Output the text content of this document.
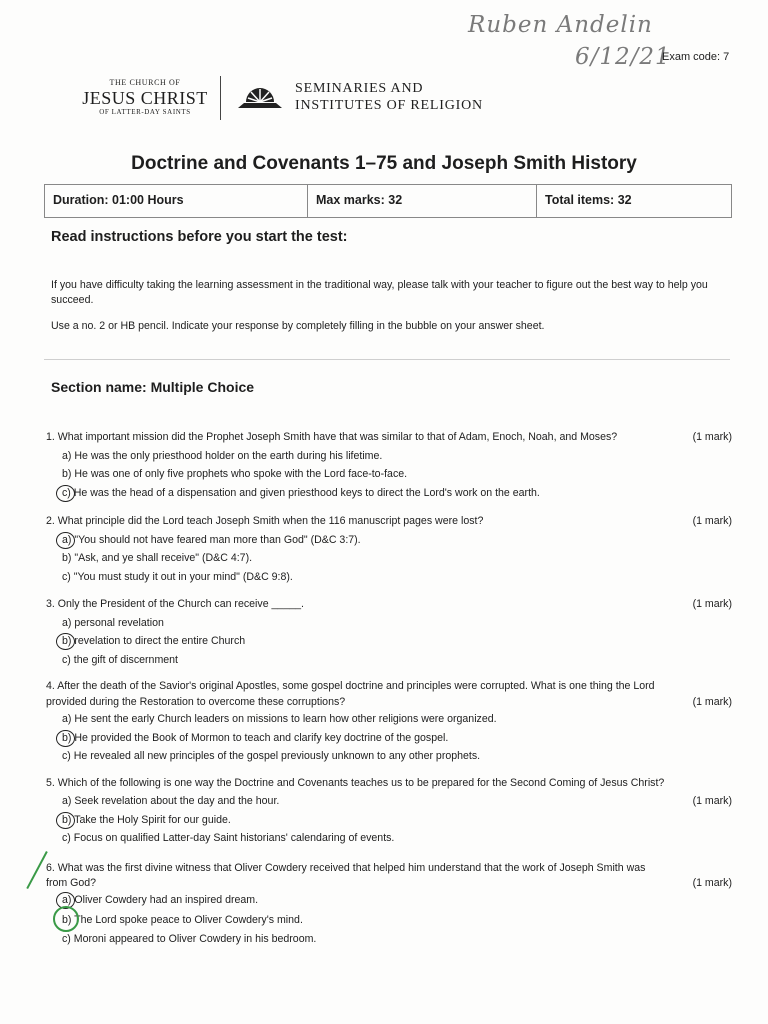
Ruben Andelin
6/12/21
Exam code: 7
THE CHURCH OF
JESUS CHRIST
OF LATTER-DAY SAINTS
SEMINARIES AND
INSTITUTES OF RELIGION
Doctrine and Covenants 1–75 and Joseph Smith History
Duration: 01:00 Hours	Max marks: 32	Total items: 32
Read instructions before you start the test:
If you have difficulty taking the learning assessment in the traditional way, please talk with your teacher to figure out the best way to help you succeed.
Use a no. 2 or HB pencil. Indicate your response by completely filling in the bubble on your answer sheet.
Section name: Multiple Choice
1. What important mission did the Prophet Joseph Smith have that was similar to that of Adam, Enoch, Noah, and Moses?	(1 mark)
a) He was the only priesthood holder on the earth during his lifetime.
b) He was one of only five prophets who spoke with the Lord face-to-face.
c) He was the head of a dispensation and given priesthood keys to direct the Lord's work on the earth.
2. What principle did the Lord teach Joseph Smith when the 116 manuscript pages were lost?	(1 mark)
a) "You should not have feared man more than God" (D&C 3:7).
b) "Ask, and ye shall receive" (D&C 4:7).
c) "You must study it out in your mind" (D&C 9:8).
3. Only the President of the Church can receive _____.	(1 mark)
a) personal revelation
b) revelation to direct the entire Church
c) the gift of discernment
4. After the death of the Savior's original Apostles, some gospel doctrine and principles were corrupted. What is one thing the Lord
provided during the Restoration to overcome these corruptions?	(1 mark)
a) He sent the early Church leaders on missions to learn how other religions were organized.
b) He provided the Book of Mormon to teach and clarify key doctrine of the gospel.
c) He revealed all new principles of the gospel previously unknown to any other prophets.
5. Which of the following is one way the Doctrine and Covenants teaches us to be prepared for the Second Coming of Jesus Christ?
a) Seek revelation about the day and the hour.	(1 mark)
b) Take the Holy Spirit for our guide.
c) Focus on qualified Latter-day Saint historians' calendaring of events.
6. What was the first divine witness that Oliver Cowdery received that helped him understand that the work of Joseph Smith was
from God?	(1 mark)
a) Oliver Cowdery had an inspired dream.
b) The Lord spoke peace to Oliver Cowdery's mind.
c) Moroni appeared to Oliver Cowdery in his bedroom.
